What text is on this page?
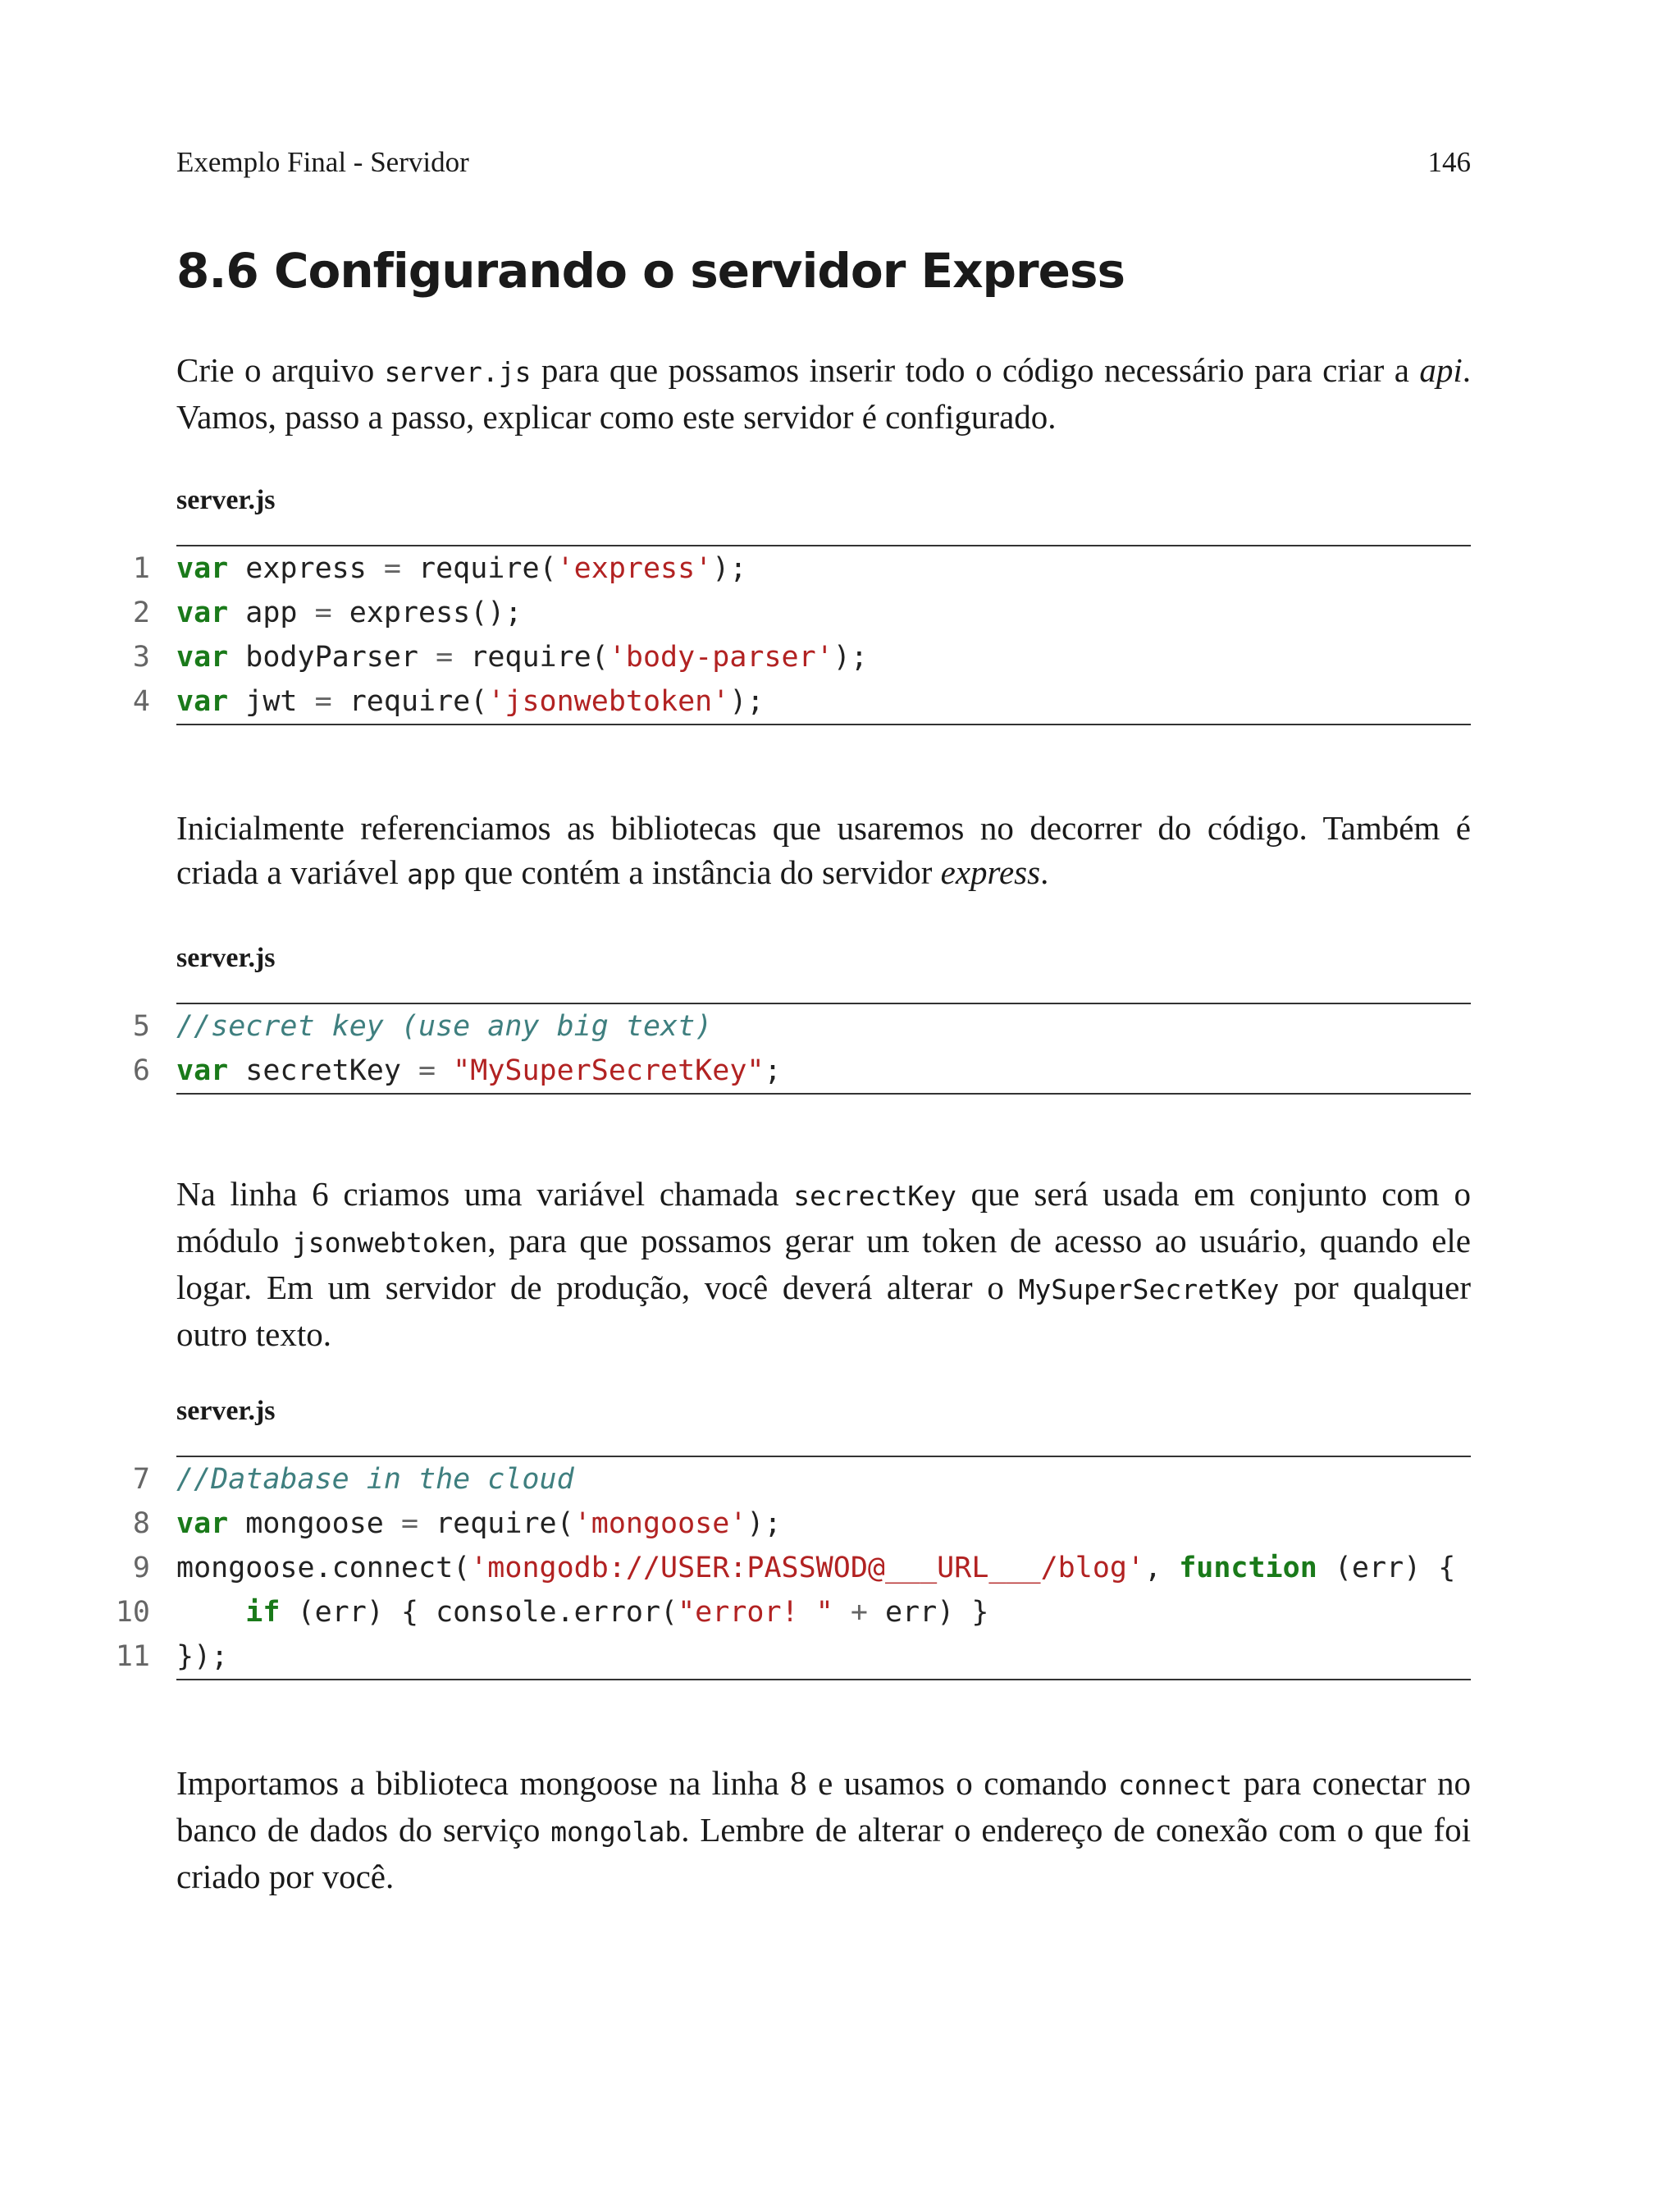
Exemplo Final - Servidor	146
8.6 Configurando o servidor Express

Crie o arquivo server.js para que possamos inserir todo o código necessário para criar a api. Vamos, passo a passo, explicar como este servidor é configurado.

server.js
1 var express = require('express');
2 var app = express();
3 var bodyParser = require('body-parser');
4 var jwt = require('jsonwebtoken');

Inicialmente referenciamos as bibliotecas que usaremos no decorrer do código. Também é criada a variável app que contém a instância do servidor express.

server.js
5 //secret key (use any big text)
6 var secretKey = "MySuperSecretKey";

Na linha 6 criamos uma variável chamada secrectKey que será usada em conjunto com o módulo jsonwebtoken, para que possamos gerar um token de acesso ao usuário, quando ele logar. Em um servidor de produção, você deverá alterar o MySuperSecretKey por qualquer outro texto.

server.js
7 //Database in the cloud
8 var mongoose = require('mongoose');
9 mongoose.connect('mongodb://USER:PASSWOD@___URL___/blog', function (err) {
10	if (err) { console.error("error! " + err) }
11 });

Importamos a biblioteca mongoose na linha 8 e usamos o comando connect para conectar no banco de dados do serviço mongolab. Lembre de alterar o endereço de conexão com o que foi criado por você.
